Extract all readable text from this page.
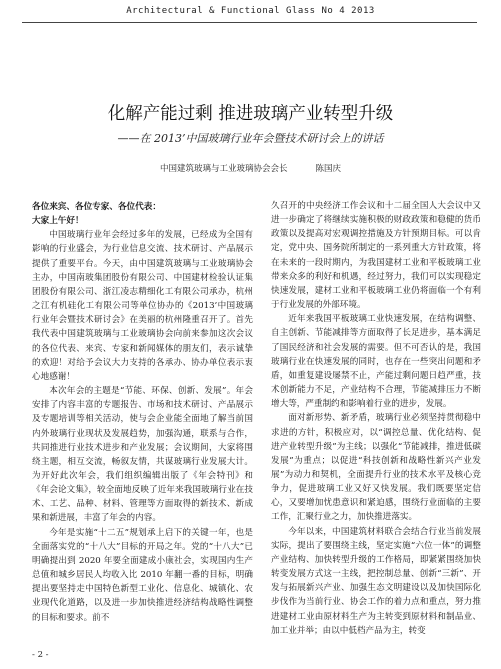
Architectural & Functional Glass No 4 2013
化解产能过剩 推进玻璃产业转型升级
——在 2013’中国玻璃行业年会暨技术研讨会上的讲话
中国建筑玻璃与工业玻璃协会会长	陈国庆

各位来宾、各位专家、各位代表：

大家上午好！

中国玻璃行业年会经过多年的发展，已经成为全国有影响的行业盛会，为行业信息交流、技术研讨、产品展示提供了重要平台。今天，由中国建筑玻璃与工业玻璃协会主办，中国南玻集团股份有限公司、中国建材检验认证集团股份有限公司、浙江凌志精细化工有限公司承办，杭州之江有机硅化工有限公司等单位协办的《2013’中国玻璃行业年会暨技术研讨会》在美丽的杭州隆重召开了。首先我代表中国建筑玻璃与工业玻璃协会向前来参加这次会议的各位代表、来宾、专家和新闻媒体的朋友们，表示诚挚的欢迎！对给予会议大力支持的各承办、协办单位表示衷心地感谢！

本次年会的主题是“节能、环保、创新、发展”。年会安排了内容丰富的专题报告、市场和技术研讨、产品展示及专题培训等相关活动，使与会企业能全面地了解当前国内外玻璃行业现状及发展趋势，加强沟通，联系与合作，共同推进行业技术进步和产业发展；会议期间，大家将围绕主题，相互交流，畅叙友情，共谋玻璃行业发展大计。为开好此次年会，我们组织编辑出版了《年会特刊》和《年会论文集》，较全面地反映了近年来我国玻璃行业在技术、工艺、品种、材料、管理等方面取得的新技术、新成果和新进展，丰富了年会的内容。

今年是实施“十二五”规划承上启下的关键一年，也是全面落实党的“十八大”目标的开局之年。党的“十八大”已明确提出到 2020 年要全面建成小康社会，实现国内生产总值和城乡居民人均收入比 2010 年翻一番的目标，明确提出要坚持走中国特色新型工业化、信息化、城镇化、农业现代化道路，以及进一步加快推进经济结构战略性调整的目标和要求。前不

久召开的中央经济工作会议和十二届全国人大会议中又进一步确定了将继续实施积极的财政政策和稳健的货币政策以及提高对宏观调控措施及方针预期目标。可以肯定，党中央、国务院所制定的一系列重大方针政策，将在未来的一段时期内，为我国建材工业和平板玻璃工业带来众多的利好和机遇，经过努力，我们可以实现稳定快速发展，建材工业和平板玻璃工业仍将面临一个有利于行业发展的外部环境。

近年来我国平板玻璃工业快速发展，在结构调整、自主创新、节能减排等方面取得了长足进步，基本满足了国民经济和社会发展的需要。但不可否认的是，我国玻璃行业在快速发展的同时，也存在一些突出问题和矛盾，如重复建设屡禁不止，产能过剩问题日趋严重，技术创新能力不足，产业结构不合理，节能减排压力不断增大等，严重制约和影响着行业的进步，发展。

面对新形势、新矛盾，玻璃行业必须坚持贯彻稳中求进的方针，积极应对，以“调控总量、优化结构、促进产业转型升级”为主线；以强化“节能减排，推进低碳发展”为重点；以促进“科技创新和战略性新兴产业发展”为动力和契机，全面提升行业的技术水平及核心竞争力，促进玻璃工业又好又快发展。我们既要坚定信心，又要增加忧患意识和紧迫感，围绕行业面临的主要工作，汇聚行业之力，加快推进落实。

今年以来，中国建筑材料联合会结合行业当前发展实际，提出了要围绕主线，坚定实施“六位一体”的调整产业结构、加快转型升级的工作格局，即紧紧围绕加快转变发展方式这一主线，把控制总量、创新“三新”、开发与拓展新兴产业、加强生态文明建设以及加快国际化步伐作为当前行业、协会工作的着力点和重点，努力推进建材工业由原材料生产为主转变到原材料和制品业、加工业并举；由以中低档产品为主，转变

- 2 -
